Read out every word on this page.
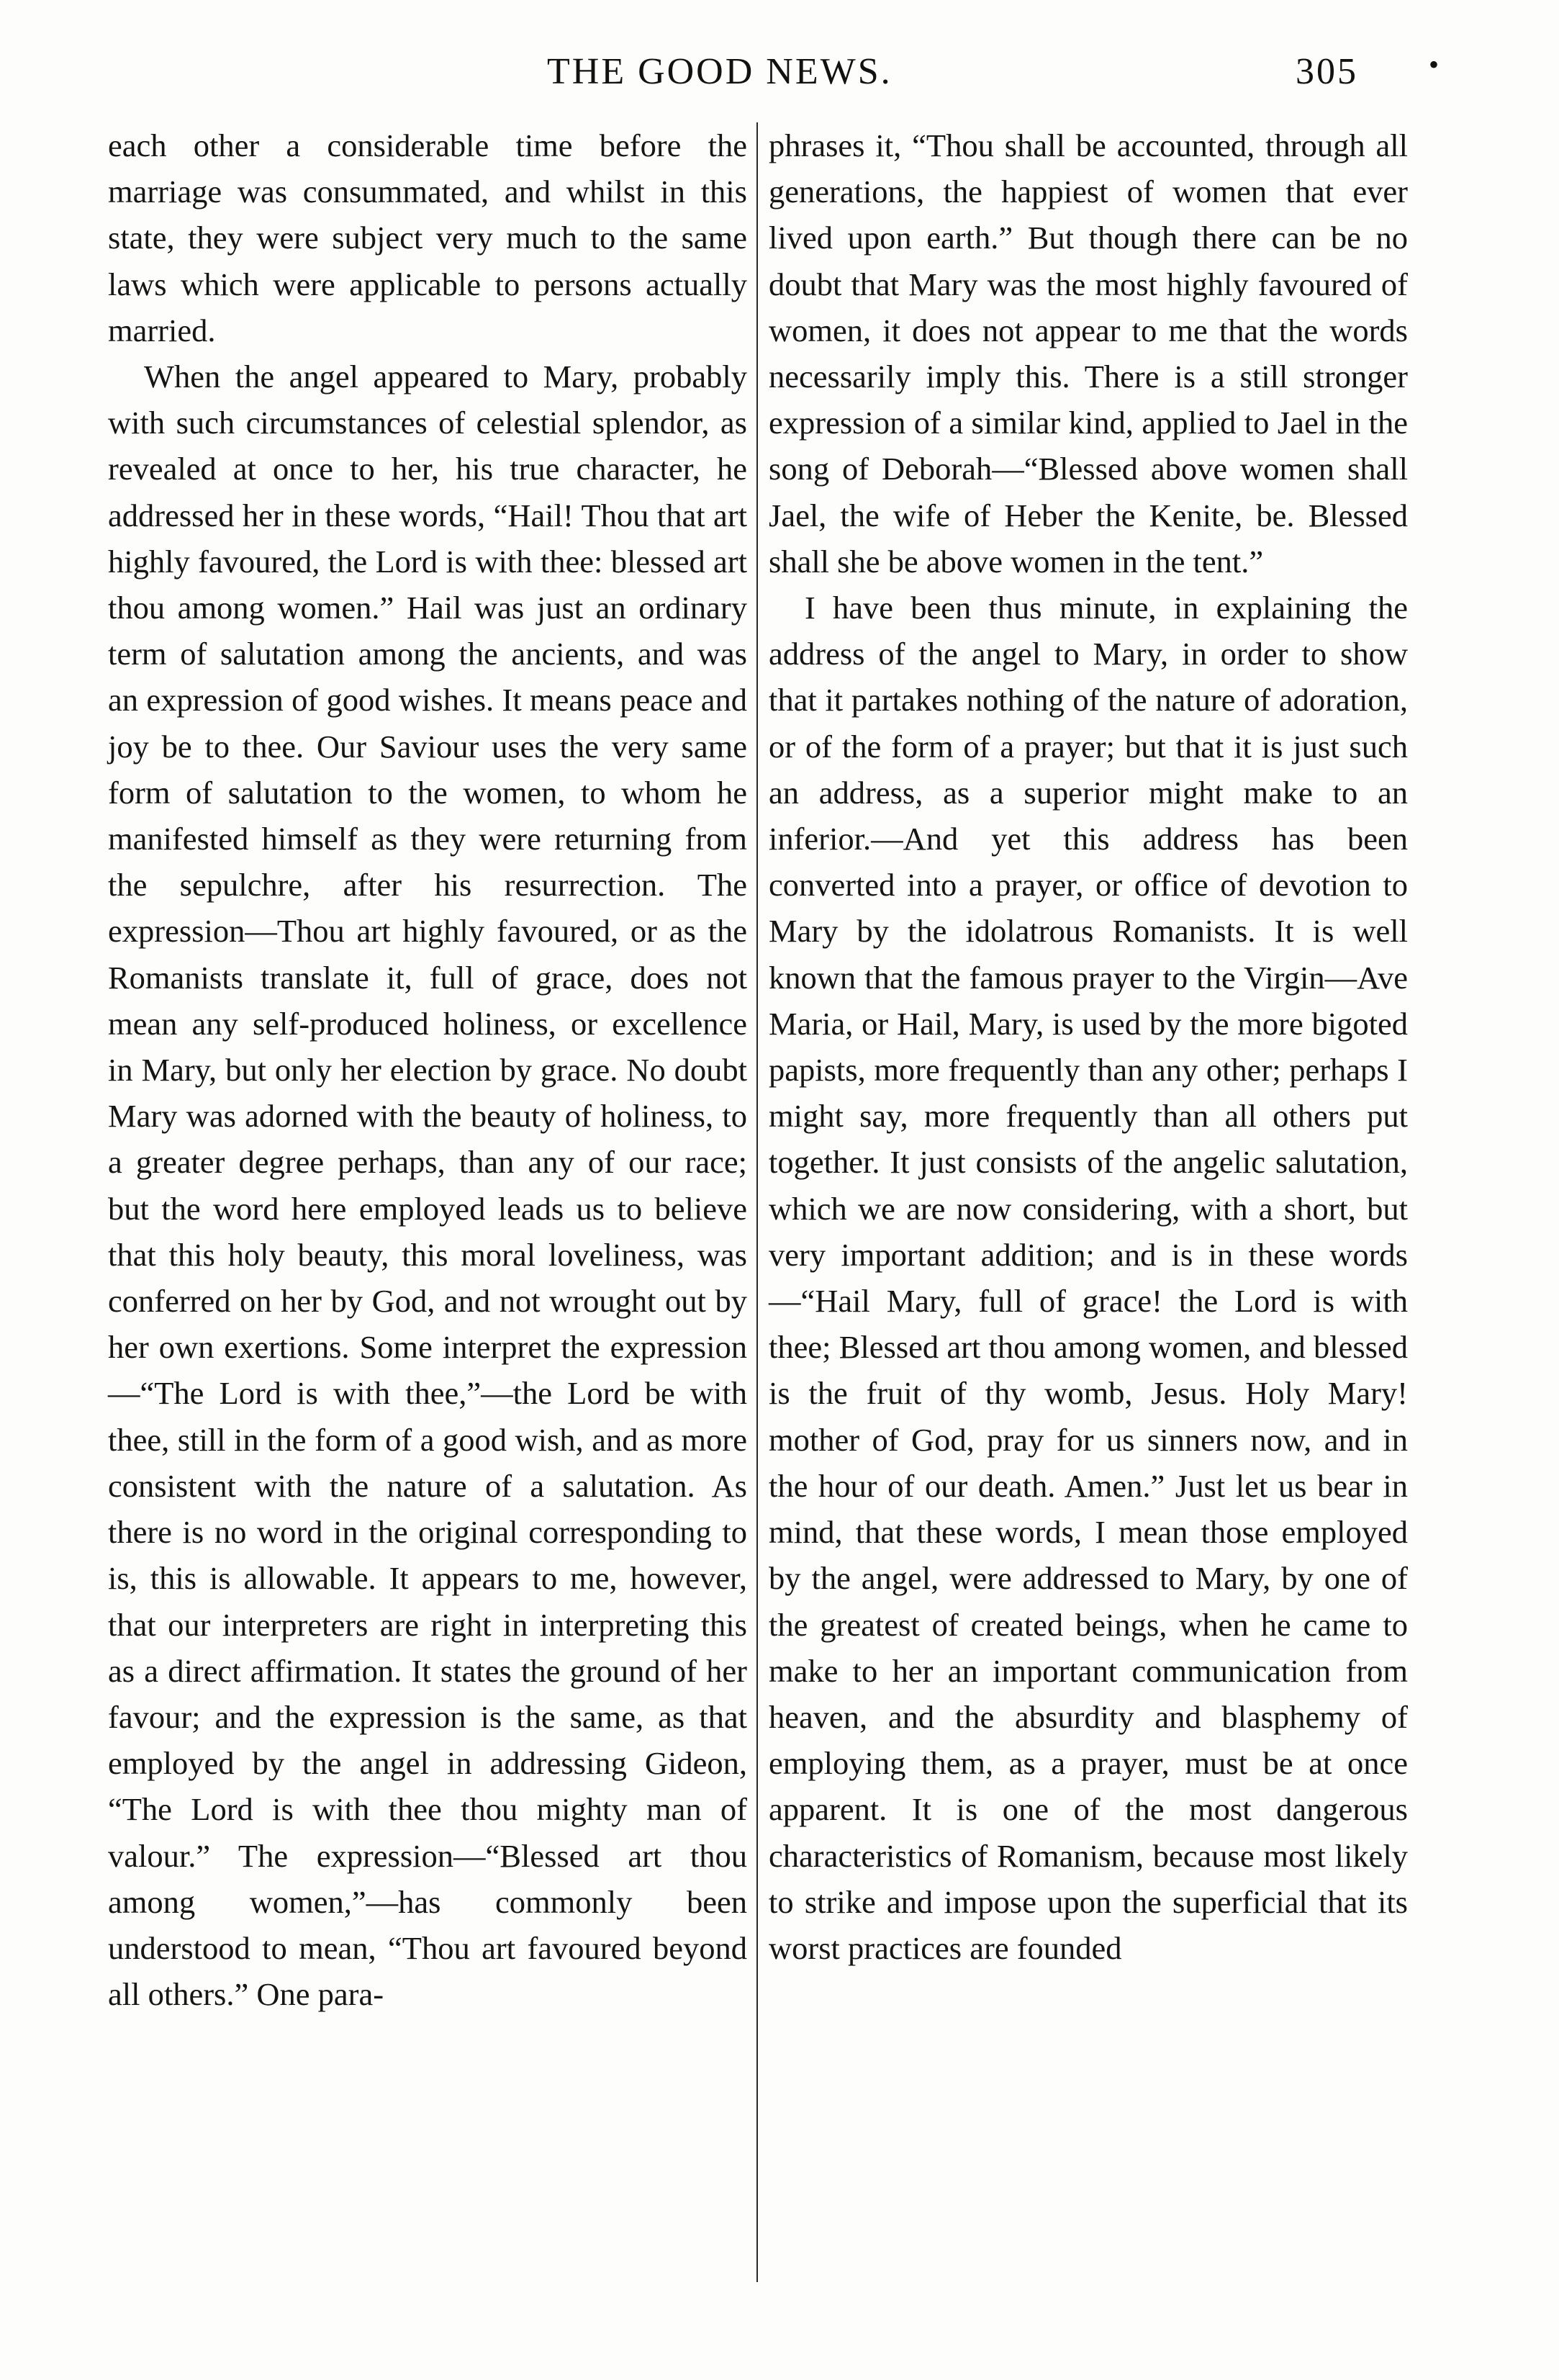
THE GOOD NEWS.	305 •

each other a considerable time before the marriage was consummated, and whilst in this state, they were subject very much to the same laws which were applicable to persons actually married.

When the angel appeared to Mary, probably with such circumstances of celestial splendor, as revealed at once to her, his true character, he addressed her in these words, “Hail! Thou that art highly favoured, the Lord is with thee: blessed art thou among women.” Hail was just an ordinary term of salutation among the ancients, and was an expression of good wishes. It means peace and joy be to thee. Our Saviour uses the very same form of salutation to the women, to whom he manifested himself as they were returning from the sepulchre, after his resurrection. The expression—Thou art highly favoured, or as the Romanists translate it, full of grace, does not mean any self-produced holiness, or excellence in Mary, but only her election by grace. No doubt Mary was adorned with the beauty of holiness, to a greater degree perhaps, than any of our race; but the word here employed leads us to believe that this holy beauty, this moral loveliness, was conferred on her by God, and not wrought out by her own exertions. Some interpret the expression—“The Lord is with thee,”—the Lord be with thee, still in the form of a good wish, and as more consistent with the nature of a salutation. As there is no word in the original corresponding to is, this is allowable. It appears to me, however, that our interpreters are right in interpreting this as a direct affirmation. It states the ground of her favour; and the expression is the same, as that employed by the angel in addressing Gideon, “The Lord is with thee thou mighty man of valour.” The expression—“Blessed art thou among women,”—has commonly been understood to mean, “Thou art favoured beyond all others.” One para-

phrases it, “Thou shall be accounted, through all generations, the happiest of women that ever lived upon earth.” But though there can be no doubt that Mary was the most highly favoured of women, it does not appear to me that the words necessarily imply this. There is a still stronger expression of a similar kind, applied to Jael in the song of Deborah—“Blessed above women shall Jael, the wife of Heber the Kenite, be. Blessed shall she be above women in the tent.”

I have been thus minute, in explaining the address of the angel to Mary, in order to show that it partakes nothing of the nature of adoration, or of the form of a prayer; but that it is just such an address, as a superior might make to an inferior.—And yet this address has been converted into a prayer, or office of devotion to Mary by the idolatrous Romanists. It is well known that the famous prayer to the Virgin—Ave Maria, or Hail, Mary, is used by the more bigoted papists, more frequently than any other; perhaps I might say, more frequently than all others put together. It just consists of the angelic salutation, which we are now considering, with a short, but very important addition; and is in these words—“Hail Mary, full of grace! the Lord is with thee; Blessed art thou among women, and blessed is the fruit of thy womb, Jesus. Holy Mary! mother of God, pray for us sinners now, and in the hour of our death. Amen.” Just let us bear in mind, that these words, I mean those employed by the angel, were addressed to Mary, by one of the greatest of created beings, when he came to make to her an important communication from heaven, and the absurdity and blasphemy of employing them, as a prayer, must be at once apparent. It is one of the most dangerous characteristics of Romanism, because most likely to strike and impose upon the superficial that its worst practices are founded
